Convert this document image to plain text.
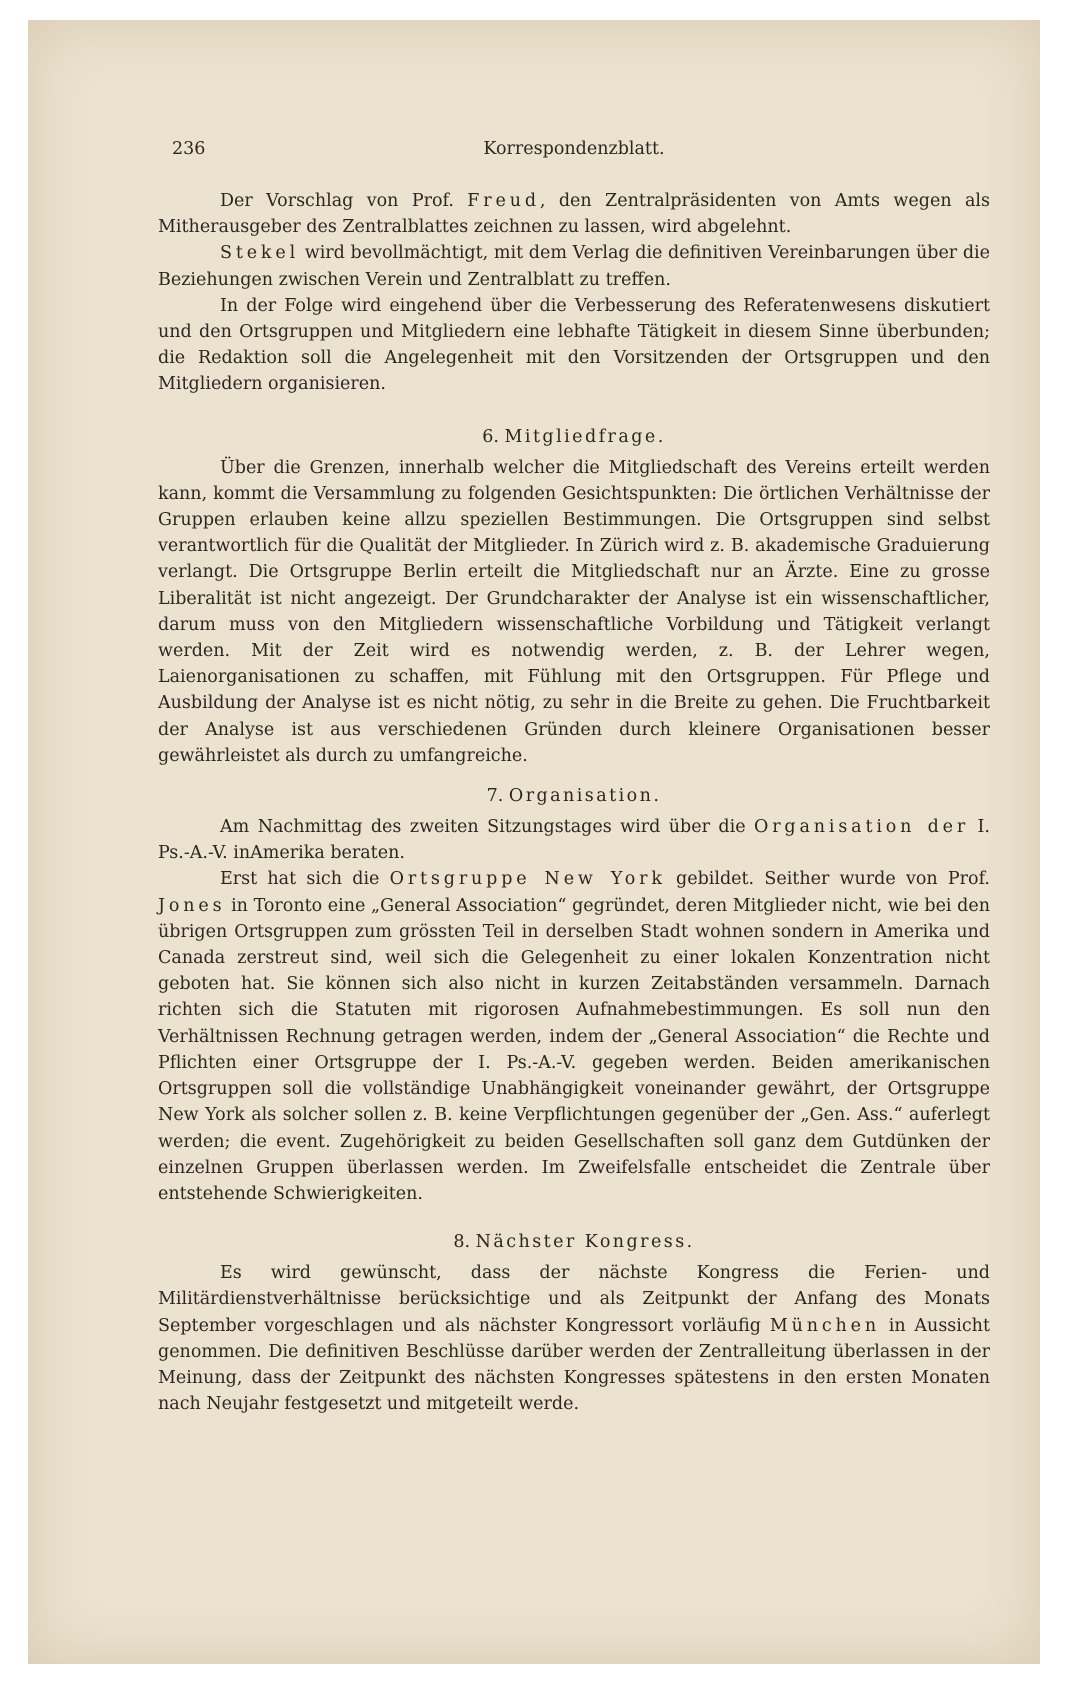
236	Korrespondenzblatt.

Der Vorschlag von Prof. Freud, den Zentralpräsidenten von Amts wegen als Mitherausgeber des Zentralblattes zeichnen zu lassen, wird abgelehnt.

Stekel wird bevollmächtigt, mit dem Verlag die definitiven Vereinbarungen über die Beziehungen zwischen Verein und Zentralblatt zu treffen.

In der Folge wird eingehend über die Verbesserung des Referatenwesens diskutiert und den Ortsgruppen und Mitgliedern eine lebhafte Tätigkeit in diesem Sinne überbunden; die Redaktion soll die Angelegenheit mit den Vorsitzenden der Ortsgruppen und den Mitgliedern organisieren.

6. Mitgliedfrage.

Über die Grenzen, innerhalb welcher die Mitgliedschaft des Vereins erteilt werden kann, kommt die Versammlung zu folgenden Gesichtspunkten: Die örtlichen Verhältnisse der Gruppen erlauben keine allzu speziellen Bestimmungen. Die Ortsgruppen sind selbst verantwortlich für die Qualität der Mitglieder. In Zürich wird z. B. akademische Graduierung verlangt. Die Ortsgruppe Berlin erteilt die Mitgliedschaft nur an Ärzte. Eine zu grosse Liberalität ist nicht angezeigt. Der Grundcharakter der Analyse ist ein wissenschaftlicher, darum muss von den Mitgliedern wissenschaftliche Vorbildung und Tätigkeit verlangt werden. Mit der Zeit wird es notwendig werden, z. B. der Lehrer wegen, Laienorganisationen zu schaffen, mit Fühlung mit den Ortsgruppen. Für Pflege und Ausbildung der Analyse ist es nicht nötig, zu sehr in die Breite zu gehen. Die Fruchtbarkeit der Analyse ist aus verschiedenen Gründen durch kleinere Organisationen besser gewährleistet als durch zu umfangreiche.

7. Organisation.

Am Nachmittag des zweiten Sitzungstages wird über die Organisation der I. Ps.-A.-V. inAmerika beraten.

Erst hat sich die Ortsgruppe New York gebildet. Seither wurde von Prof. Jones in Toronto eine „General Association“ gegründet, deren Mitglieder nicht, wie bei den übrigen Ortsgruppen zum grössten Teil in derselben Stadt wohnen sondern in Amerika und Canada zerstreut sind, weil sich die Gelegenheit zu einer lokalen Konzentration nicht geboten hat. Sie können sich also nicht in kurzen Zeitabständen versammeln. Darnach richten sich die Statuten mit rigorosen Aufnahmebestimmungen. Es soll nun den Verhältnissen Rechnung getragen werden, indem der „General Association“ die Rechte und Pflichten einer Ortsgruppe der I. Ps.-A.-V. gegeben werden. Beiden amerikanischen Ortsgruppen soll die vollständige Unabhängigkeit voneinander gewährt, der Ortsgruppe New York als solcher sollen z. B. keine Verpflichtungen gegenüber der „Gen. Ass.“ auferlegt werden; die event. Zugehörigkeit zu beiden Gesellschaften soll ganz dem Gutdünken der einzelnen Gruppen überlassen werden. Im Zweifelsfalle entscheidet die Zentrale über entstehende Schwierigkeiten.

8. Nächster Kongress.

Es wird gewünscht, dass der nächste Kongress die Ferien- und Militärdienstverhältnisse berücksichtige und als Zeitpunkt der Anfang des Monats September vorgeschlagen und als nächster Kongressort vorläufig München in Aussicht genommen. Die definitiven Beschlüsse darüber werden der Zentralleitung überlassen in der Meinung, dass der Zeitpunkt des nächsten Kongresses spätestens in den ersten Monaten nach Neujahr festgesetzt und mitgeteilt werde.
